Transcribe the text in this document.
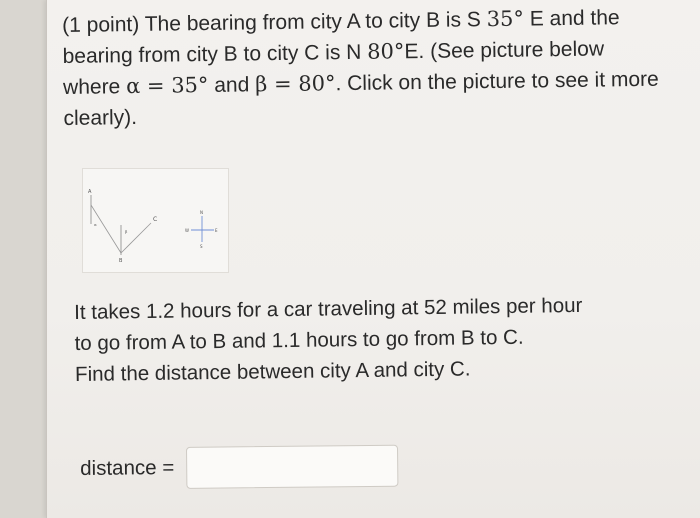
(1 point) The bearing from city A to city B is S 35° E and the bearing from city B to city C is N 80°E. (See picture below where α = 35° and β = 80°. Click on the picture to see it more clearly).
A
B
C
α
β
N
S
E
W
It takes 1.2 hours for a car traveling at 52 miles per hour
to go from A to B and 1.1 hours to go from B to C.
Find the distance between city A and city C.
distance =
